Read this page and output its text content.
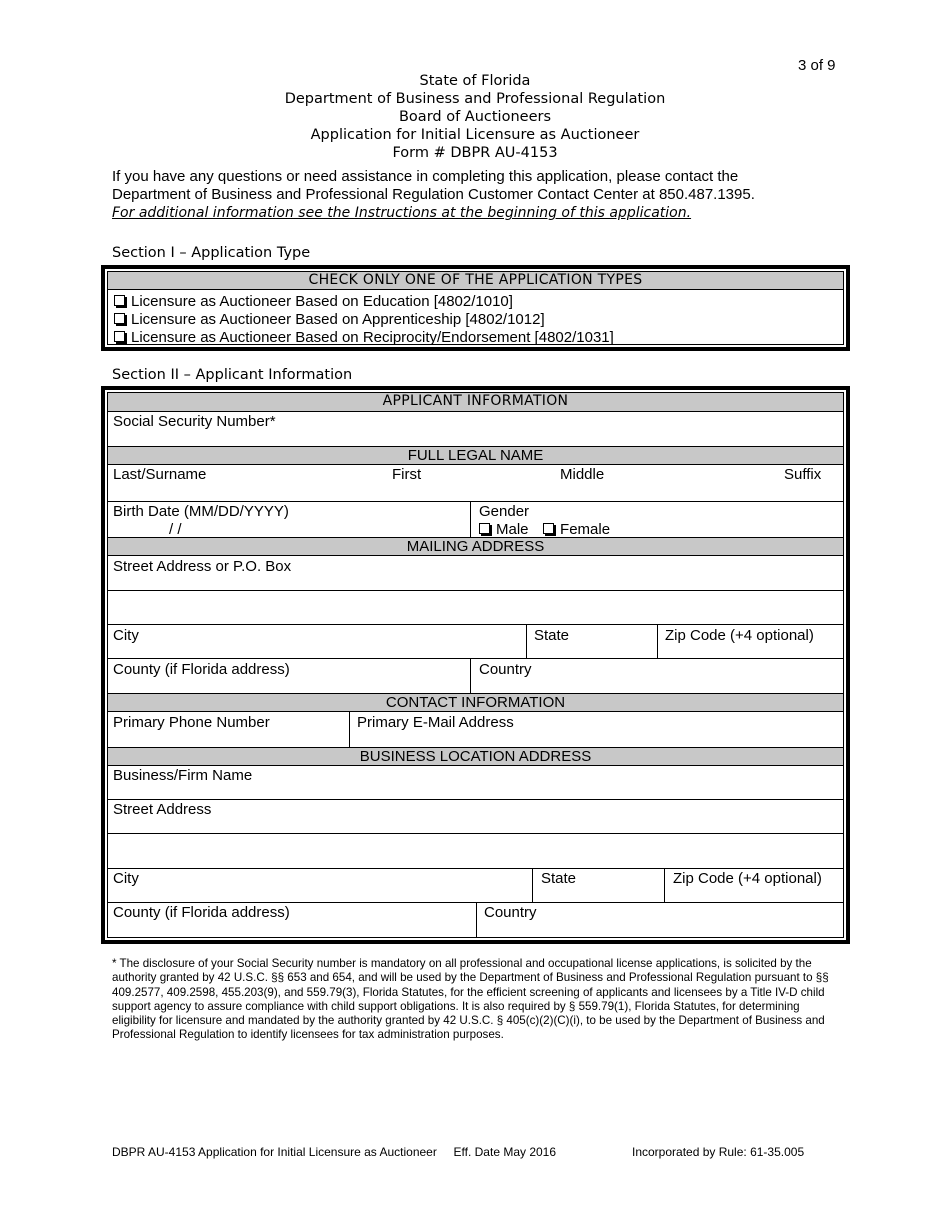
3 of 9
State of Florida
Department of Business and Professional Regulation
Board of Auctioneers
Application for Initial Licensure as Auctioneer
Form # DBPR AU-4153
If you have any questions or need assistance in completing this application, please contact the
Department of Business and Professional Regulation Customer Contact Center at 850.487.1395.
For additional information see the Instructions at the beginning of this application.
Section I – Application Type
CHECK ONLY ONE OF THE APPLICATION TYPES
Licensure as Auctioneer Based on Education [4802/1010]
Licensure as Auctioneer Based on Apprenticeship [4802/1012]
Licensure as Auctioneer Based on Reciprocity/Endorsement [4802/1031]
Section II – Applicant Information
APPLICANT INFORMATION
Social Security Number*
FULL LEGAL NAME
Last/Surname	First	Middle	Suffix
Birth Date (MM/DD/YYYY)
/ /
Gender
Male Female
MAILING ADDRESS
Street Address or P.O. Box
City	State	Zip Code (+4 optional)
County (if Florida address)	Country
CONTACT INFORMATION
Primary Phone Number	Primary E-Mail Address
BUSINESS LOCATION ADDRESS
Business/Firm Name
Street Address
City	State	Zip Code (+4 optional)
County (if Florida address)	Country
* The disclosure of your Social Security number is mandatory on all professional and occupational license applications, is solicited by the authority granted by 42 U.S.C. §§ 653 and 654, and will be used by the Department of Business and Professional Regulation pursuant to §§ 409.2577, 409.2598, 455.203(9), and 559.79(3), Florida Statutes, for the efficient screening of applicants and licensees by a Title IV-D child support agency to assure compliance with child support obligations. It is also required by § 559.79(1), Florida Statutes, for determining eligibility for licensure and mandated by the authority granted by 42 U.S.C. § 405(c)(2)(C)(i), to be used by the Department of Business and Professional Regulation to identify licensees for tax administration purposes.
DBPR AU-4153 Application for Initial Licensure as Auctioneer     Eff. Date May 2016	Incorporated by Rule: 61-35.005
